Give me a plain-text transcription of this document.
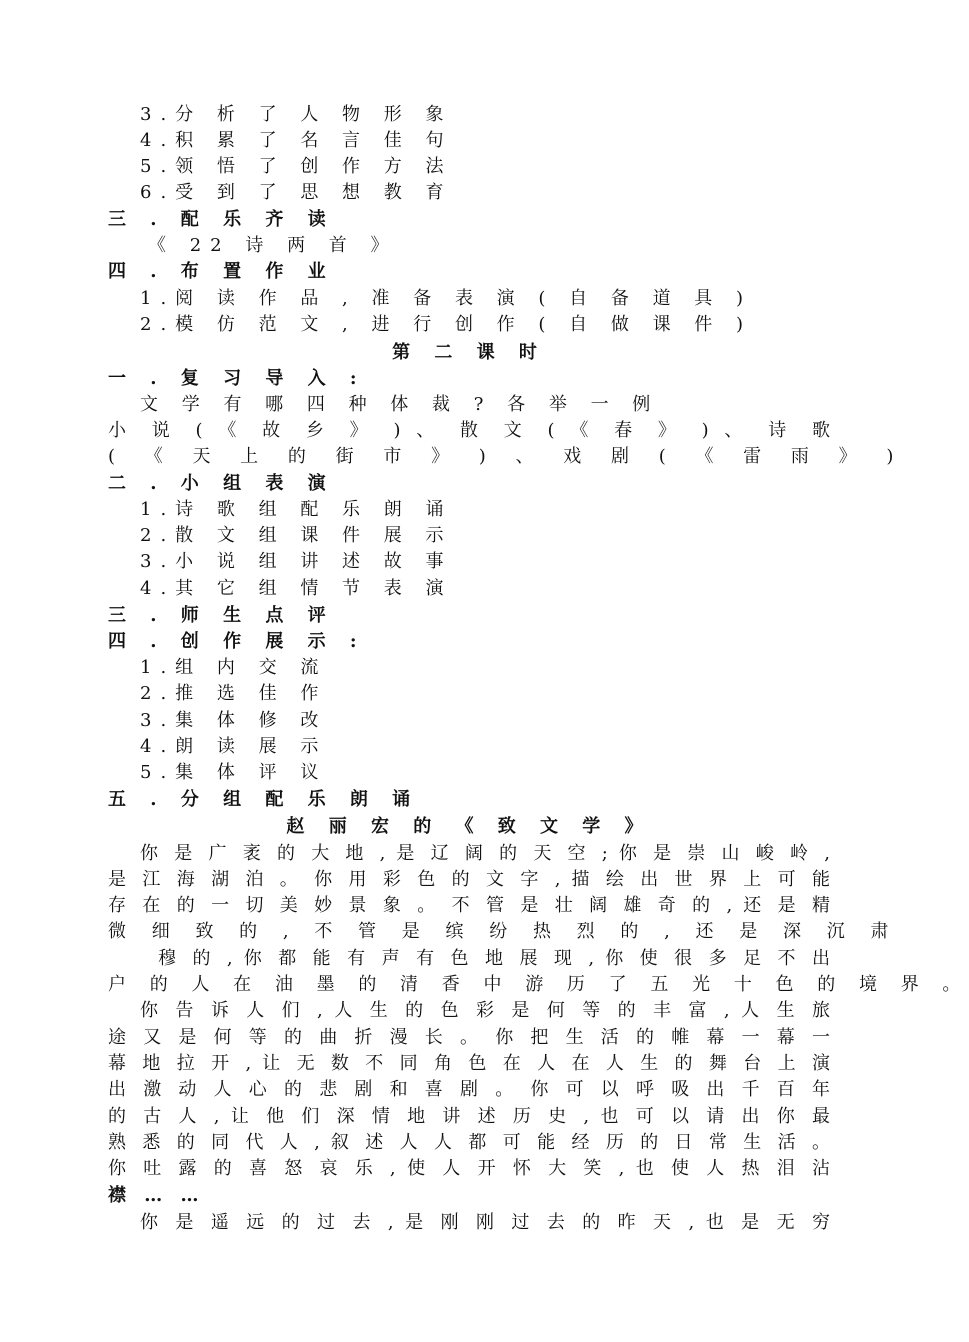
3.分 析 了 人 物 形 象
4.积 累 了 名 言 佳 句
5.领 悟 了 创 作 方 法
6.受 到 了 思 想 教 育
三 . 配 乐 齐 读
《 22 诗 两 首 》
四 . 布 置 作 业
1.阅 读 作 品 , 准 备 表 演 ( 自 备 道 具 )
2.模 仿 范 文 , 进 行 创 作 ( 自 做 课 件 )
第 二 课 时
一 . 复 习 导 入 :
文 学 有 哪 四 种 体 裁 ? 各 举 一 例
小 说 ( 《 故 乡 》 ) 、 散 文 ( 《 春 》 ) 、 诗 歌
( 《 天 上 的 街 市 》 ) 、 戏 剧 ( 《 雷 雨 》 )
二 . 小 组 表 演
1.诗 歌 组 配 乐 朗 诵
2.散 文 组 课 件 展 示
3.小 说 组 讲 述 故 事
4.其 它 组 情 节 表 演
三 . 师 生 点 评
四 . 创 作 展 示 :
1.组 内 交 流
2.推 选 佳 作
3.集 体 修 改
4.朗 读 展 示
5.集 体 评 议
五 . 分 组 配 乐 朗 诵
赵 丽 宏 的 《 致 文 学 》
你 是 广 袤 的 大 地 , 是 辽 阔 的 天 空 ; 你 是 崇 山 峻 岭 ,
是 江 海 湖 泊 。 你 用 彩 色 的 文 字 , 描 绘 出 世 界 上 可 能
存 在 的 一 切 美 妙 景 象 。 不 管 是 壮 阔 雄 奇 的 , 还 是 精
微 细 致 的 , 不 管 是 缤 纷 热 烈 的 , 还 是 深 沉 肃
穆 的 , 你 都 能 有 声 有 色 地 展 现 , 你 使 很 多 足 不 出
户 的 人 在 油 墨 的 清 香 中 游 历 了 五 光 十 色 的 境 界 。
你 告 诉 人 们 , 人 生 的 色 彩 是 何 等 的 丰 富 , 人 生 旅
途 又 是 何 等 的 曲 折 漫 长 。 你 把 生 活 的 帷 幕 一 幕 一
幕 地 拉 开 , 让 无 数 不 同 角 色 在 人 在 人 生 的 舞 台 上 演
出 激 动 人 心 的 悲 剧 和 喜 剧 。 你 可 以 呼 吸 出 千 百 年
的 古 人 , 让 他 们 深 情 地 讲 述 历 史 , 也 可 以 请 出 你 最
熟 悉 的 同 代 人 , 叙 述 人 人 都 可 能 经 历 的 日 常 生 活 。
你 吐 露 的 喜 怒 哀 乐 , 使 人 开 怀 大 笑 , 也 使 人 热 泪 沾
襟 … …
你 是 遥 远 的 过 去 , 是 刚 刚 过 去 的 昨 天 , 也 是 无 穷
